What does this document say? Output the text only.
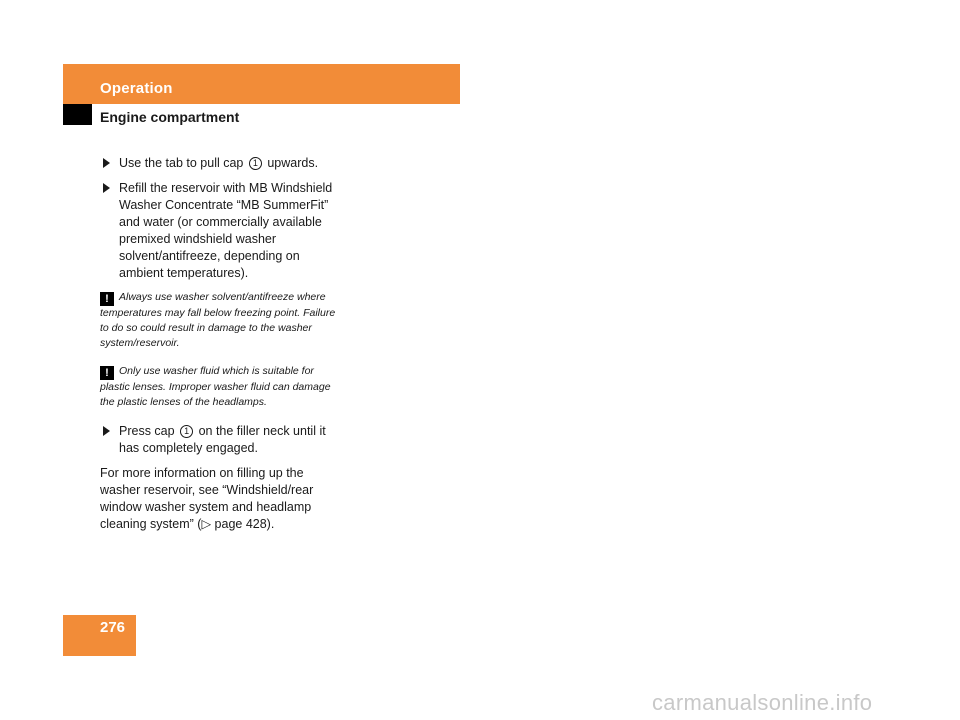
Operation
Engine compartment
Use the tab to pull cap 1 upwards.
Refill the reservoir with MB Windshield Washer Concentrate “MB SummerFit” and water (or commercially available premixed windshield washer solvent/antifreeze, depending on ambient temperatures).
! Always use washer solvent/antifreeze where temperatures may fall below freezing point. Failure to do so could result in damage to the washer system/reservoir.
! Only use washer fluid which is suitable for plastic lenses. Improper washer fluid can damage the plastic lenses of the headlamps.
Press cap 1 on the filler neck until it has completely engaged.
For more information on filling up the washer reservoir, see “Windshield/rear window washer system and headlamp cleaning system” (▷ page 428).
276
carmanualsonline.info
